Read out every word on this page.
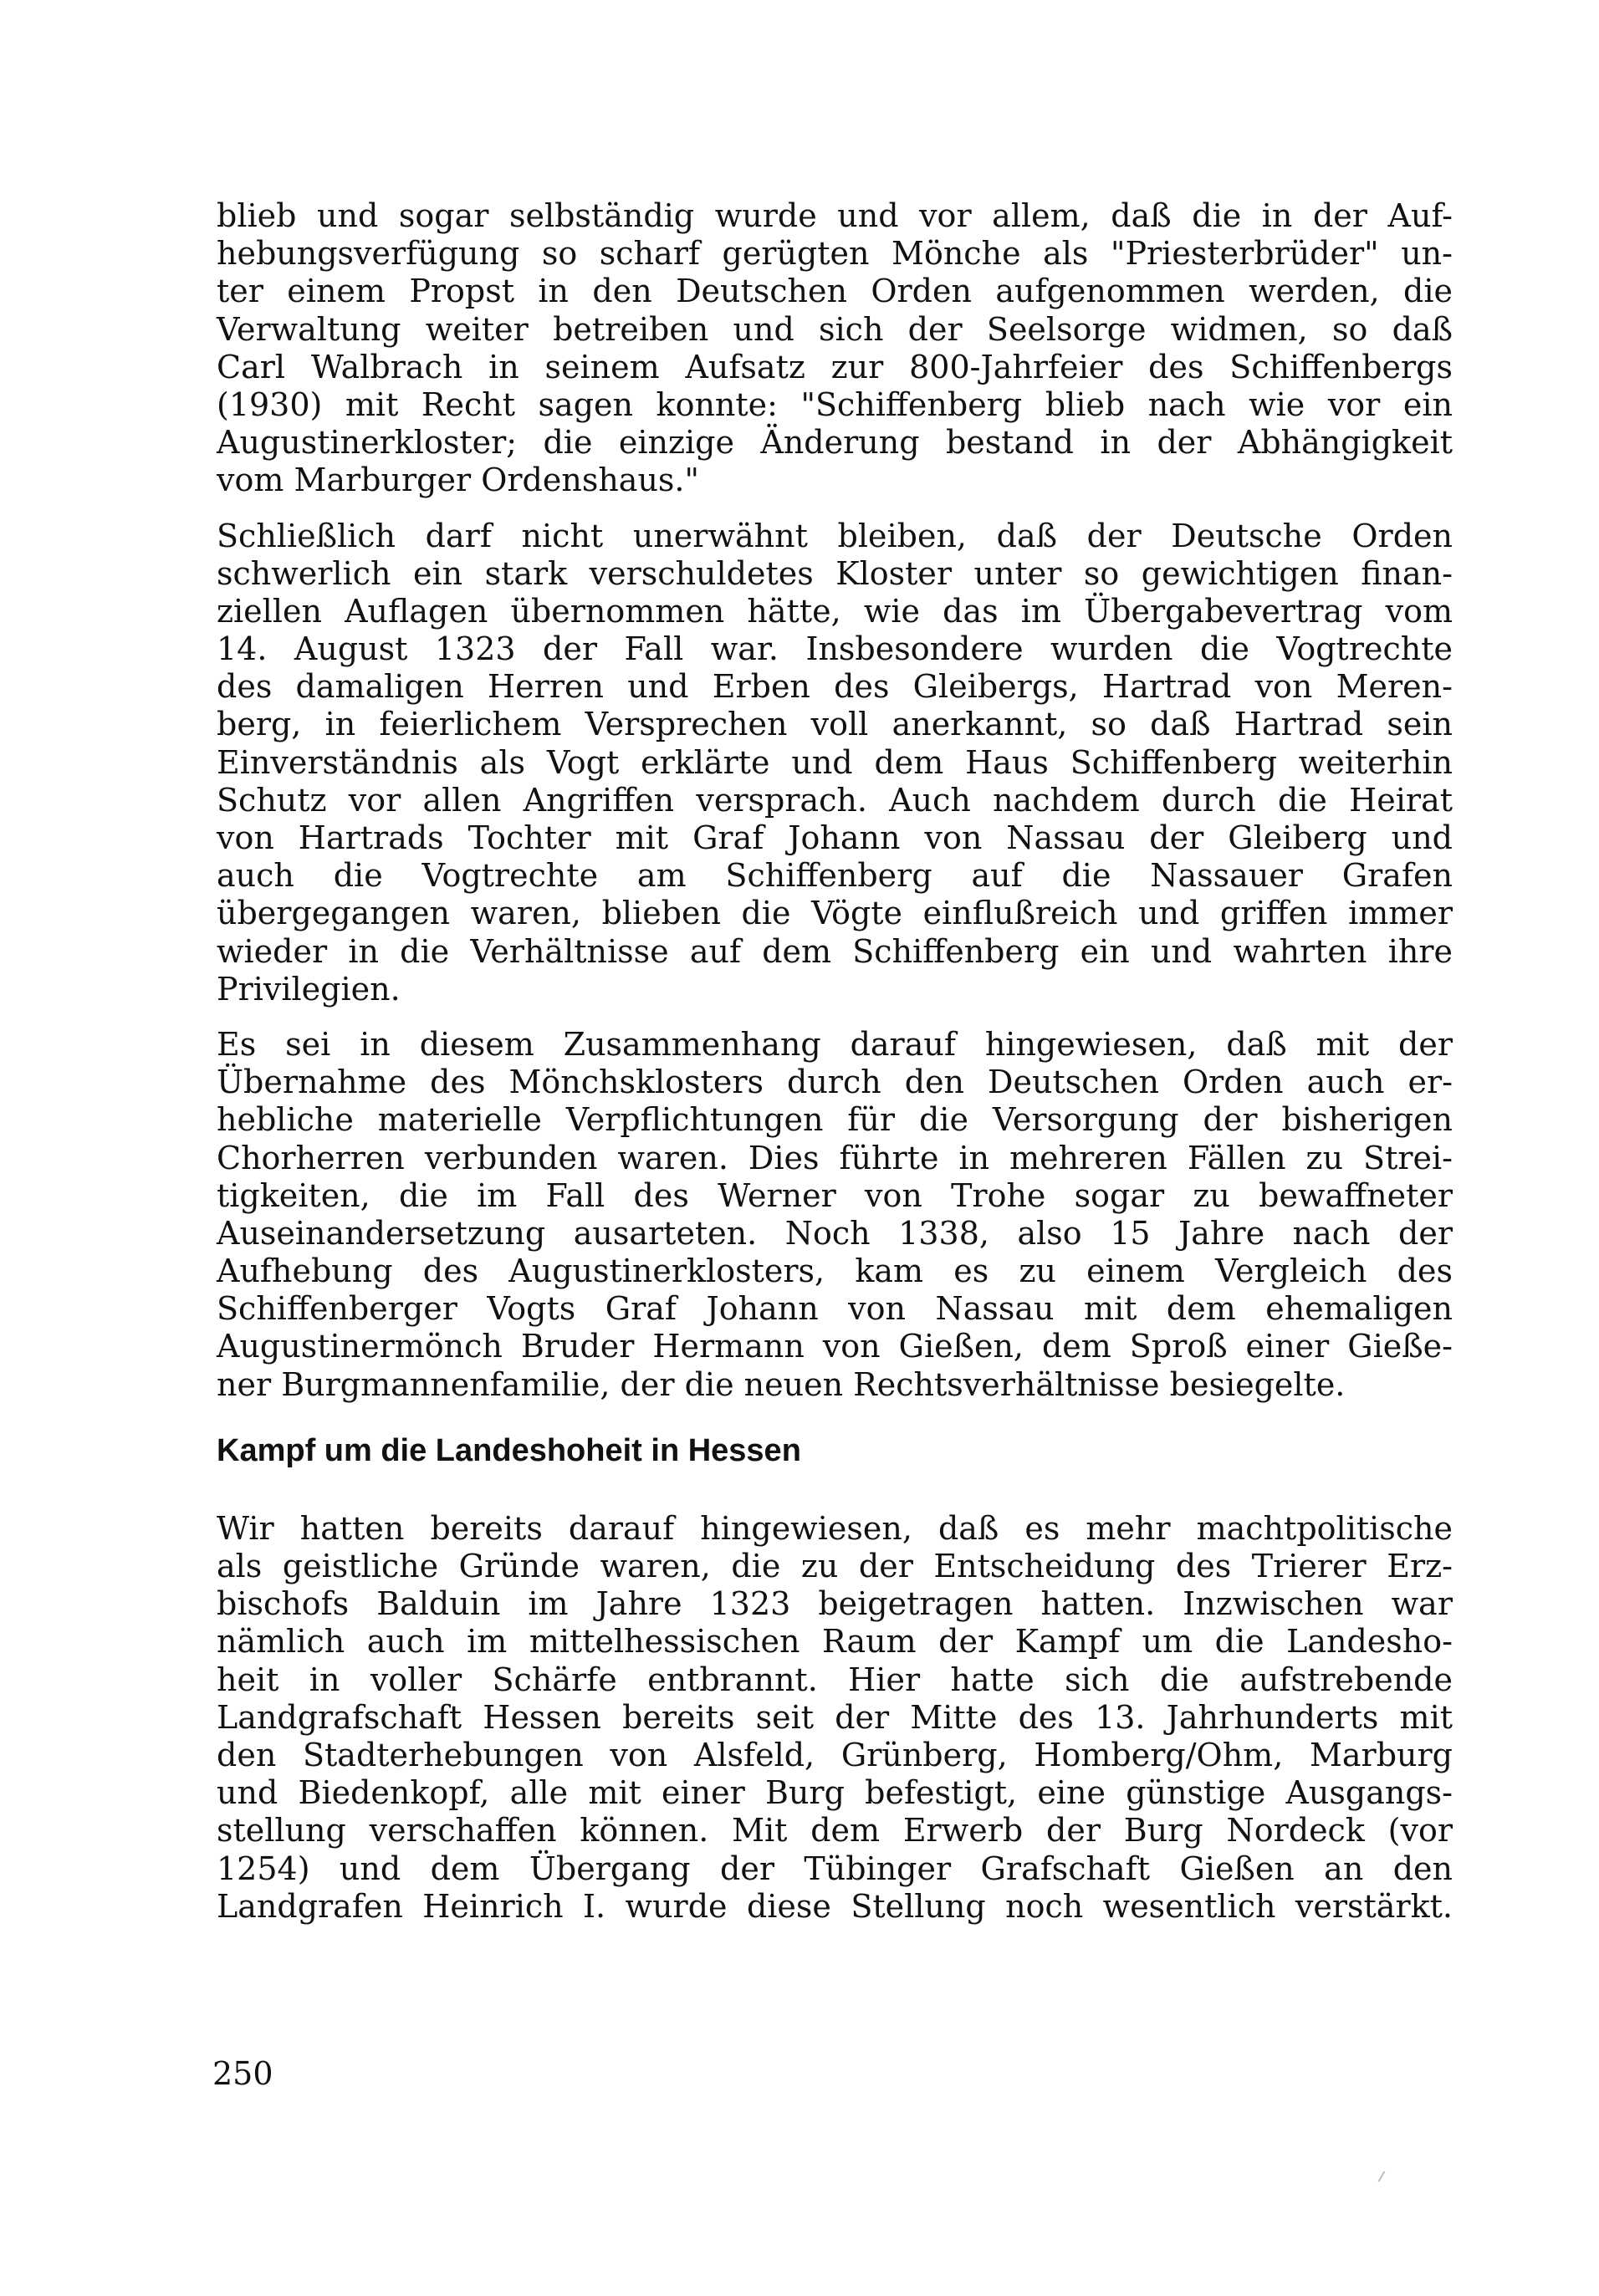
blieb und sogar selbständig wurde und vor allem, daß die in der Auf-
hebungsverfügung so scharf gerügten Mönche als "Priesterbrüder" un-
ter einem Propst in den Deutschen Orden aufgenommen werden, die
Verwaltung weiter betreiben und sich der Seelsorge widmen, so daß
Carl Walbrach in seinem Aufsatz zur 800-Jahrfeier des Schiffenbergs
(1930) mit Recht sagen konnte: "Schiffenberg blieb nach wie vor ein
Augustinerkloster; die einzige Änderung bestand in der Abhängigkeit
vom Marburger Ordenshaus."
Schließlich darf nicht unerwähnt bleiben, daß der Deutsche Orden
schwerlich ein stark verschuldetes Kloster unter so gewichtigen finan-
ziellen Auflagen übernommen hätte, wie das im Übergabevertrag vom
14. August 1323 der Fall war. Insbesondere wurden die Vogtrechte
des damaligen Herren und Erben des Gleibergs, Hartrad von Meren-
berg, in feierlichem Versprechen voll anerkannt, so daß Hartrad sein
Einverständnis als Vogt erklärte und dem Haus Schiffenberg weiterhin
Schutz vor allen Angriffen versprach. Auch nachdem durch die Heirat
von Hartrads Tochter mit Graf Johann von Nassau der Gleiberg und
auch die Vogtrechte am Schiffenberg auf die Nassauer Grafen
übergegangen waren, blieben die Vögte einflußreich und griffen immer
wieder in die Verhältnisse auf dem Schiffenberg ein und wahrten ihre
Privilegien.
Es sei in diesem Zusammenhang darauf hingewiesen, daß mit der
Übernahme des Mönchsklosters durch den Deutschen Orden auch er-
hebliche materielle Verpflichtungen für die Versorgung der bisherigen
Chorherren verbunden waren. Dies führte in mehreren Fällen zu Strei-
tigkeiten, die im Fall des Werner von Trohe sogar zu bewaffneter
Auseinandersetzung ausarteten. Noch 1338, also 15 Jahre nach der
Aufhebung des Augustinerklosters, kam es zu einem Vergleich des
Schiffenberger Vogts Graf Johann von Nassau mit dem ehemaligen
Augustinermönch Bruder Hermann von Gießen, dem Sproß einer Gieße-
ner Burgmannenfamilie, der die neuen Rechtsverhältnisse besiegelte.
Kampf um die Landeshoheit in Hessen
Wir hatten bereits darauf hingewiesen, daß es mehr machtpolitische
als geistliche Gründe waren, die zu der Entscheidung des Trierer Erz-
bischofs Balduin im Jahre 1323 beigetragen hatten. Inzwischen war
nämlich auch im mittelhessischen Raum der Kampf um die Landesho-
heit in voller Schärfe entbrannt. Hier hatte sich die aufstrebende
Landgrafschaft Hessen bereits seit der Mitte des 13. Jahrhunderts mit
den Stadterhebungen von Alsfeld, Grünberg, Homberg/Ohm, Marburg
und Biedenkopf, alle mit einer Burg befestigt, eine günstige Ausgangs-
stellung verschaffen können. Mit dem Erwerb der Burg Nordeck (vor
1254) und dem Übergang der Tübinger Grafschaft Gießen an den
Landgrafen Heinrich I. wurde diese Stellung noch wesentlich verstärkt.
250
